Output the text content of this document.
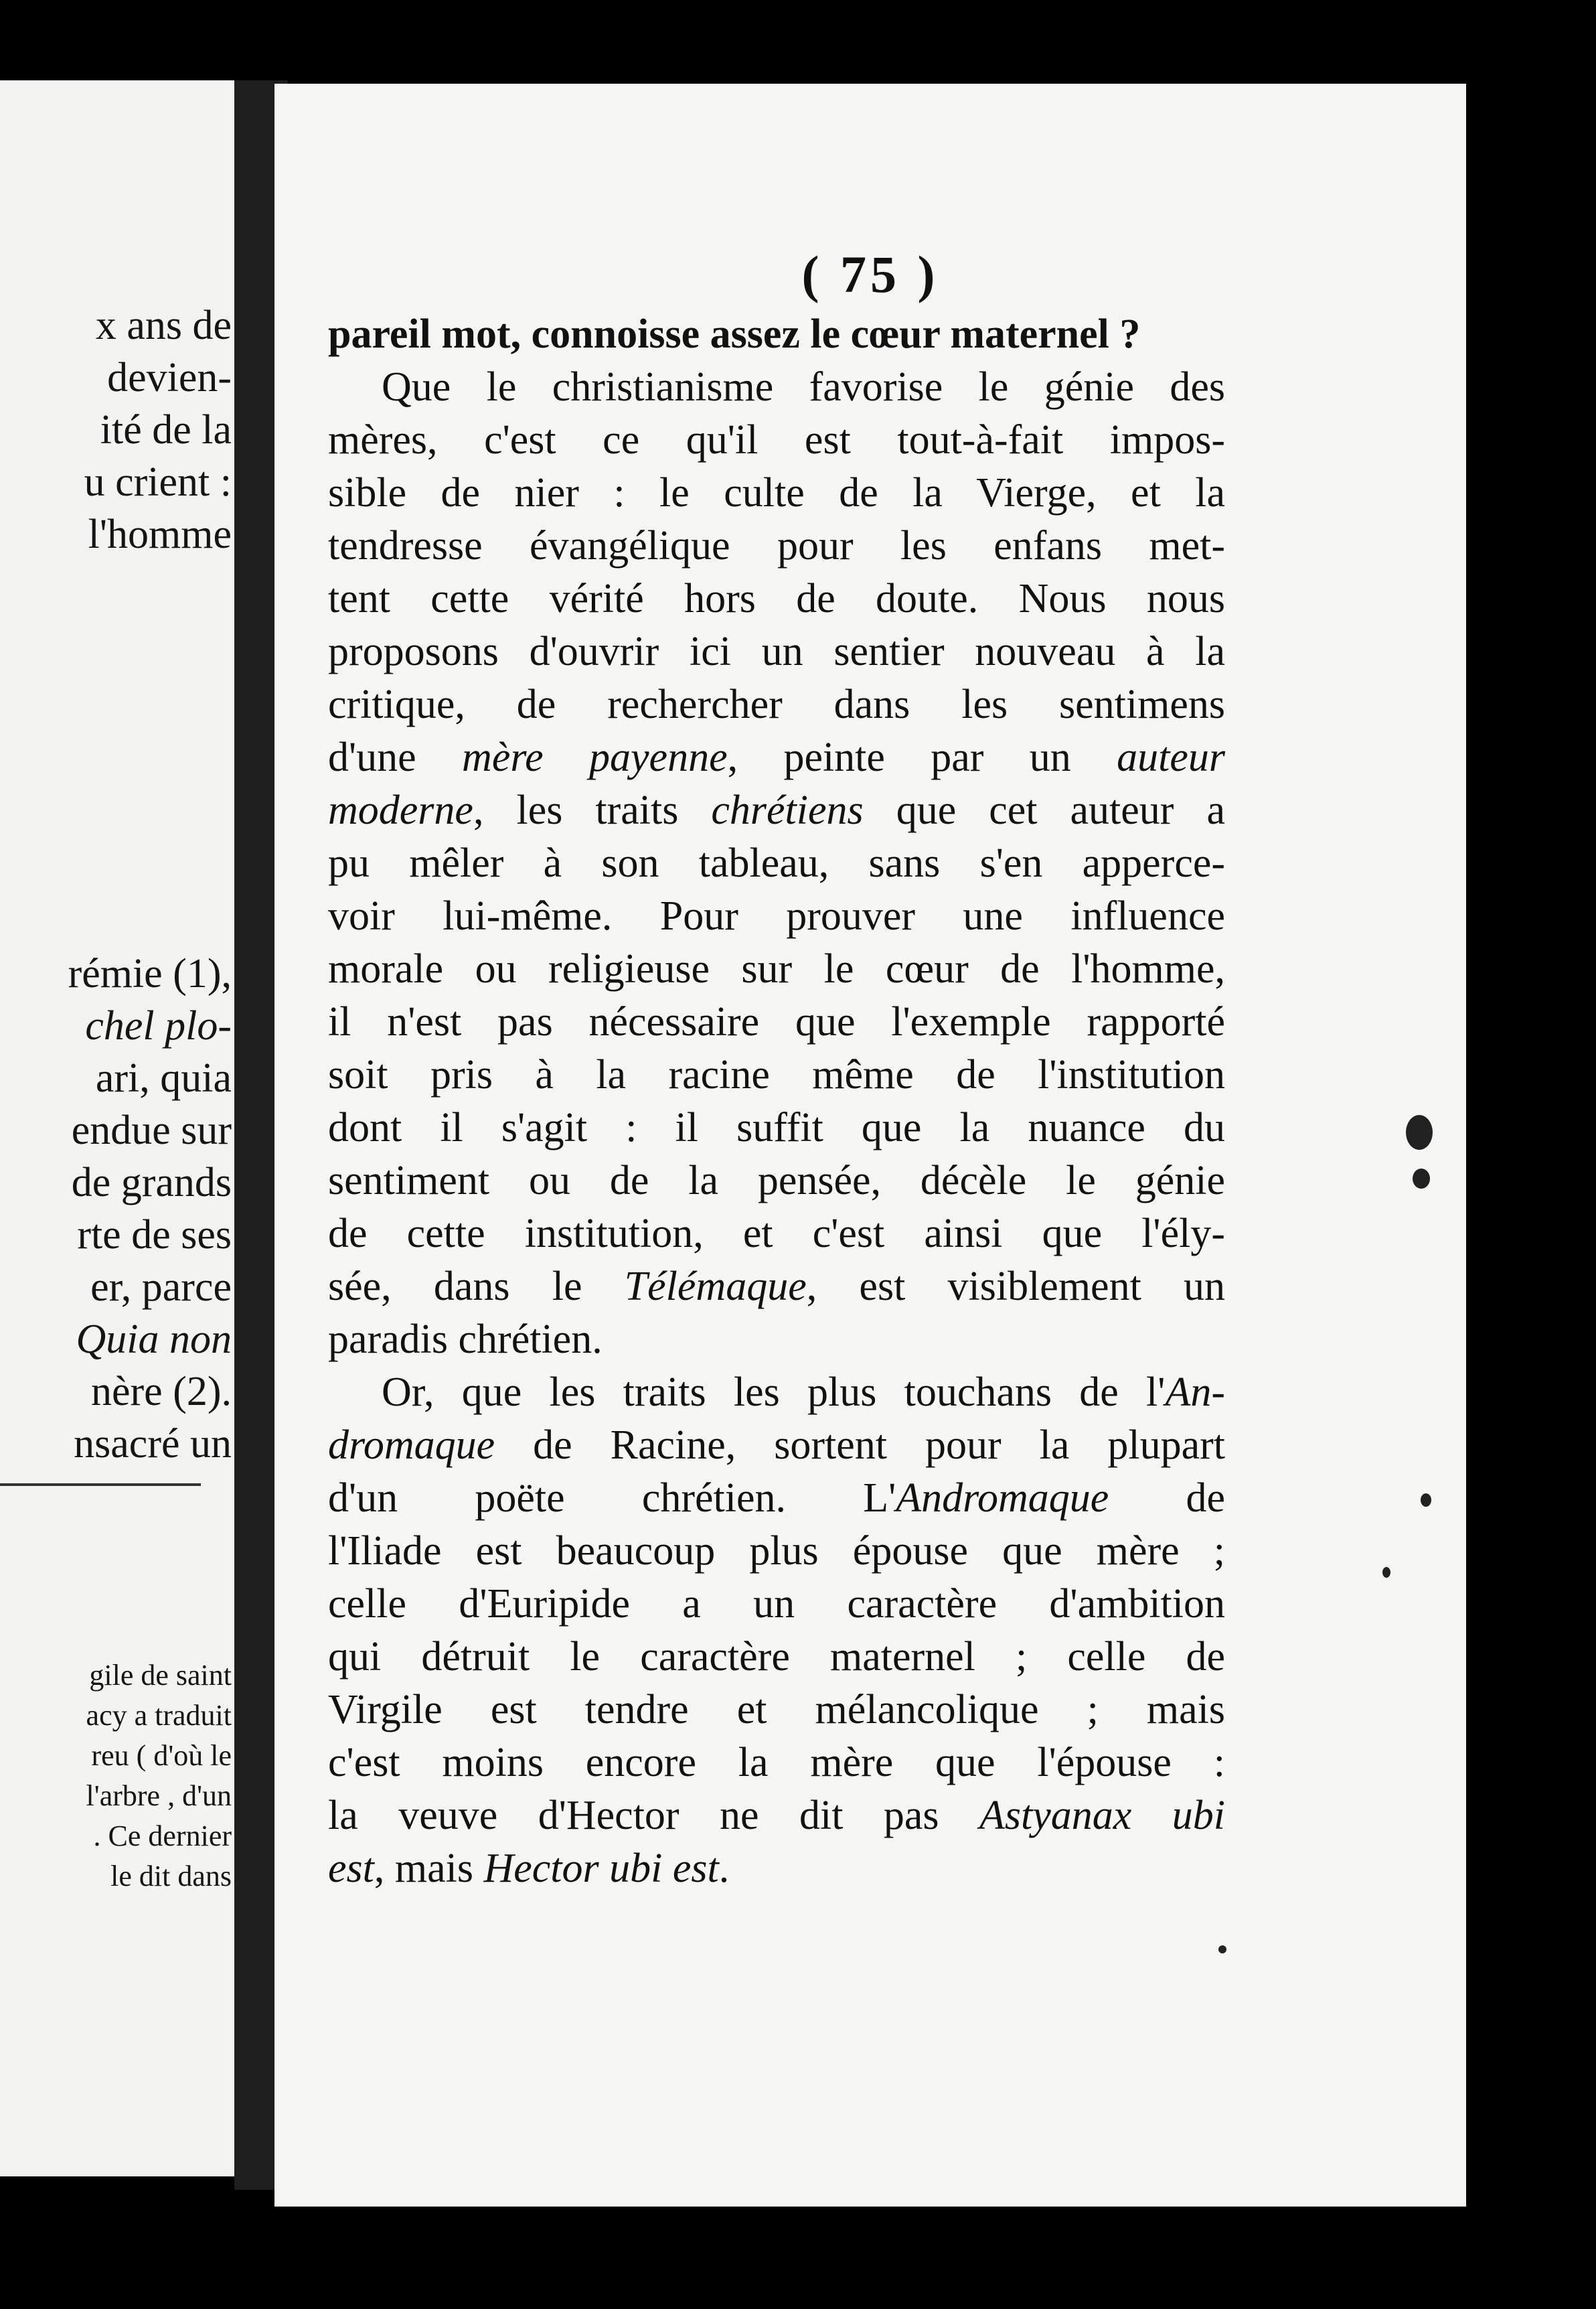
x ans de
devien-
ité de la
u crient :
l'homme
rémie (1),
chel plo-
ari, quia
endue sur
de grands
rte de ses
er, parce
Quia non
nère (2).
nsacré un
gile de saint
acy a traduit
reu ( d'où le
l'arbre , d'un
. Ce dernier
le dit dans
( 75 )
pareil mot, connoisse assez le cœur maternel ?
Que le christianisme favorise le génie des
mères, c'est ce qu'il est tout-à-fait impos-
sible de nier : le culte de la Vierge, et la
tendresse évangélique pour les enfans met-
tent cette vérité hors de doute. Nous nous
proposons d'ouvrir ici un sentier nouveau à la
critique, de rechercher dans les sentimens
d'une mère payenne, peinte par un auteur
moderne, les traits chrétiens que cet auteur a
pu mêler à son tableau, sans s'en apperce-
voir lui-même. Pour prouver une influence
morale ou religieuse sur le cœur de l'homme,
il n'est pas nécessaire que l'exemple rapporté
soit pris à la racine même de l'institution
dont il s'agit : il suffit que la nuance du
sentiment ou de la pensée, décèle le génie
de cette institution, et c'est ainsi que l'ély-
sée, dans le Télémaque, est visiblement un
paradis chrétien.
Or, que les traits les plus touchans de l'An-
dromaque de Racine, sortent pour la plupart
d'un poëte chrétien. L'Andromaque de
l'Iliade est beaucoup plus épouse que mère ;
celle d'Euripide a un caractère d'ambition
qui détruit le caractère maternel ; celle de
Virgile est tendre et mélancolique ; mais
c'est moins encore la mère que l'épouse :
la veuve d'Hector ne dit pas Astyanax ubi
est, mais Hector ubi est.
